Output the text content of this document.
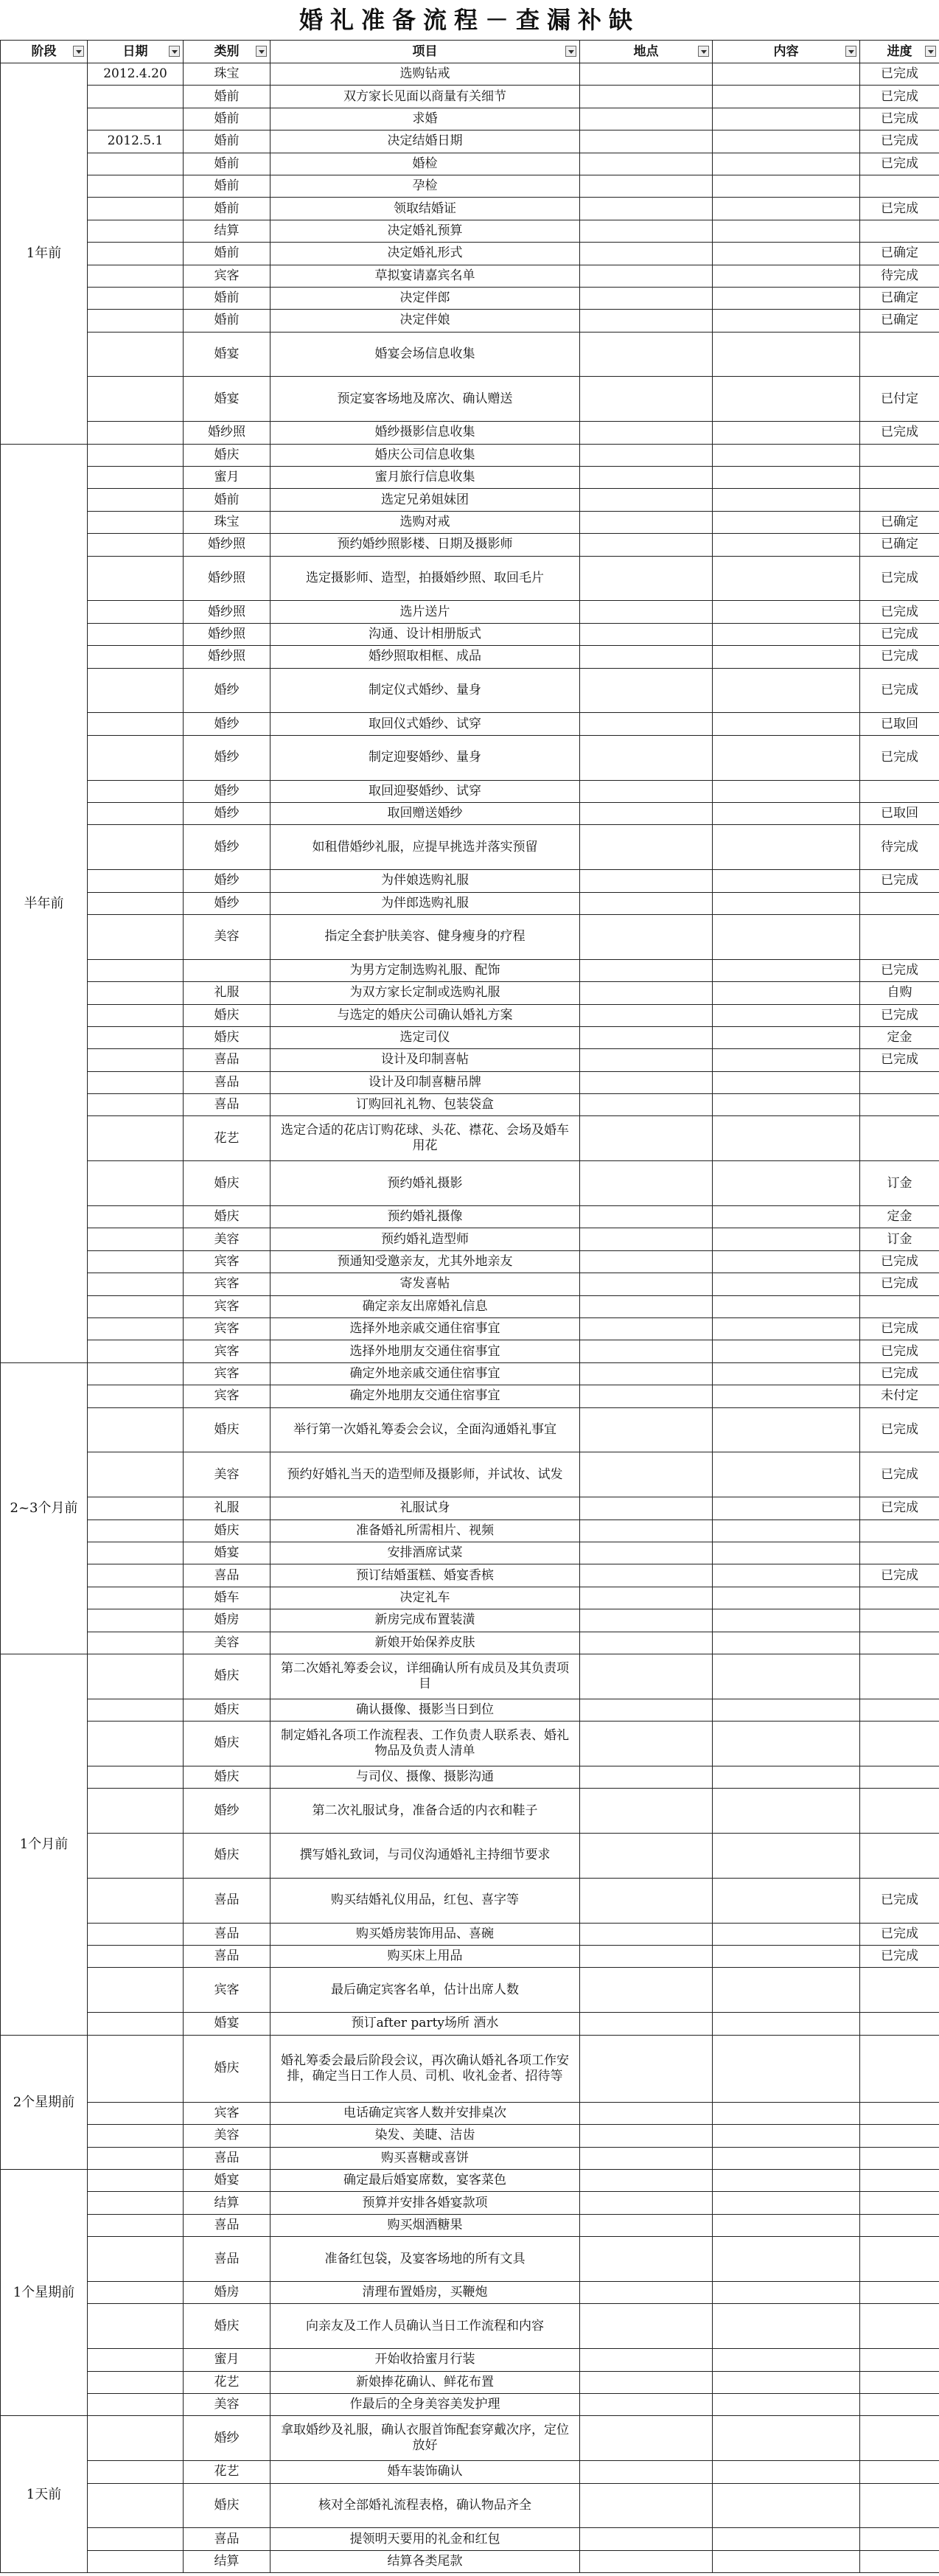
婚礼准备流程－查漏补缺
阶段	日期	类别	项目	地点	内容	进度

1年前	2012.4.20	珠宝	选购钻戒			已完成
		婚前	双方家长见面以商量有关细节			已完成
		婚前	求婚			已完成
	2012.5.1	婚前	决定结婚日期			已完成
		婚前	婚检			已完成
		婚前	孕检			
		婚前	领取结婚证			已完成
		结算	决定婚礼预算			
		婚前	决定婚礼形式			已确定
		宾客	草拟宴请嘉宾名单			待完成
		婚前	决定伴郎			已确定
		婚前	决定伴娘			已确定
		婚宴	婚宴会场信息收集			
		婚宴	预定宴客场地及席次、确认赠送			已付定
		婚纱照	婚纱摄影信息收集			已完成
半年前		婚庆	婚庆公司信息收集			
		蜜月	蜜月旅行信息收集			
		婚前	选定兄弟姐妹团			
		珠宝	选购对戒			已确定
		婚纱照	预约婚纱照影楼、日期及摄影师			已确定
		婚纱照	选定摄影师、造型，拍摄婚纱照、取回毛片			已完成
		婚纱照	选片送片			已完成
		婚纱照	沟通、设计相册版式			已完成
		婚纱照	婚纱照取相框、成品			已完成
		婚纱	制定仪式婚纱、量身			已完成
		婚纱	取回仪式婚纱、试穿			已取回
		婚纱	制定迎娶婚纱、量身			已完成
		婚纱	取回迎娶婚纱、试穿			
		婚纱	取回赠送婚纱			已取回
		婚纱	如租借婚纱礼服，应提早挑选并落实预留			待完成
		婚纱	为伴娘选购礼服			已完成
		婚纱	为伴郎选购礼服			
		美容	指定全套护肤美容、健身瘦身的疗程			
			为男方定制选购礼服、配饰			已完成
		礼服	为双方家长定制或选购礼服			自购
		婚庆	与选定的婚庆公司确认婚礼方案			已完成
		婚庆	选定司仪			定金
		喜品	设计及印制喜帖			已完成
		喜品	设计及印制喜糖吊牌			
		喜品	订购回礼礼物、包装袋盒			
		花艺	选定合适的花店订购花球、头花、襟花、会场及婚车用花			
		婚庆	预约婚礼摄影			订金
		婚庆	预约婚礼摄像			定金
		美容	预约婚礼造型师			订金
		宾客	预通知受邀亲友，尤其外地亲友			已完成
		宾客	寄发喜帖			已完成
		宾客	确定亲友出席婚礼信息			
		宾客	选择外地亲戚交通住宿事宜			已完成
		宾客	选择外地朋友交通住宿事宜			已完成
2~3个月前		宾客	确定外地亲戚交通住宿事宜			已完成
		宾客	确定外地朋友交通住宿事宜			未付定
		婚庆	举行第一次婚礼筹委会会议，全面沟通婚礼事宜			已完成
		美容	预约好婚礼当天的造型师及摄影师，并试妆、试发			已完成
		礼服	礼服试身			已完成
		婚庆	准备婚礼所需相片、视频			
		婚宴	安排酒席试菜			
		喜品	预订结婚蛋糕、婚宴香槟			已完成
		婚车	决定礼车			
		婚房	新房完成布置装潢			
		美容	新娘开始保养皮肤			
1个月前		婚庆	第二次婚礼筹委会议，详细确认所有成员及其负责项目			
		婚庆	确认摄像、摄影当日到位			
		婚庆	制定婚礼各项工作流程表、工作负责人联系表、婚礼物品及负责人清单			
		婚庆	与司仪、摄像、摄影沟通			
		婚纱	第二次礼服试身，准备合适的内衣和鞋子			
		婚庆	撰写婚礼致词，与司仪沟通婚礼主持细节要求			
		喜品	购买结婚礼仪用品，红包、喜字等			已完成
		喜品	购买婚房装饰用品、喜碗			已完成
		喜品	购买床上用品			已完成
		宾客	最后确定宾客名单，估计出席人数			
		婚宴	预订after party场所 酒水			
2个星期前		婚庆	婚礼筹委会最后阶段会议，再次确认婚礼各项工作安排，确定当日工作人员、司机、收礼金者、招待等			
		宾客	电话确定宾客人数并安排桌次			
		美容	染发、美睫、洁齿			
		喜品	购买喜糖或喜饼			
1个星期前		婚宴	确定最后婚宴席数，宴客菜色			
		结算	预算并安排各婚宴款项			
		喜品	购买烟酒糖果			
		喜品	准备红包袋，及宴客场地的所有文具			
		婚房	清理布置婚房，买鞭炮			
		婚庆	向亲友及工作人员确认当日工作流程和内容			
		蜜月	开始收拾蜜月行装			
		花艺	新娘捧花确认、鲜花布置			
		美容	作最后的全身美容美发护理			
1天前		婚纱	拿取婚纱及礼服，确认衣服首饰配套穿戴次序，定位放好			
		花艺	婚车装饰确认			
		婚庆	核对全部婚礼流程表格，确认物品齐全			
		喜品	提领明天要用的礼金和红包			
		结算	结算各类尾款			
